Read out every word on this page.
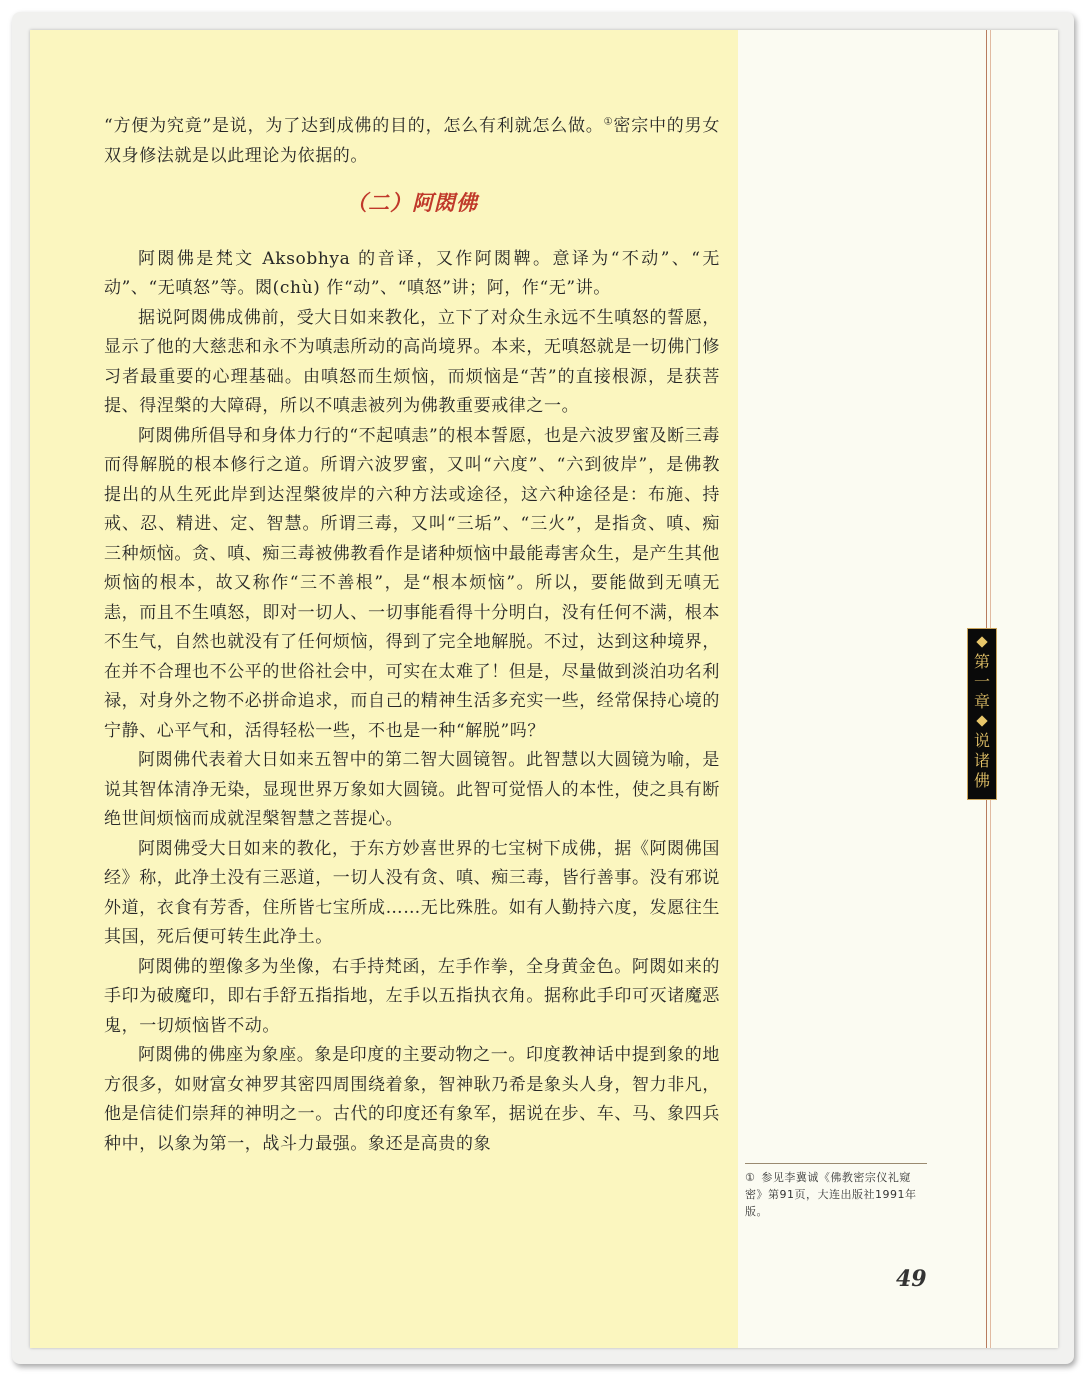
第
一
章
说
诸
佛

“方便为究竟”是说，为了达到成佛的目的，怎么有利就怎么做。①密宗中的男女双身修法就是以此理论为依据的。

（二）阿閦佛

阿閦佛是梵文 Aksobhya 的音译，又作阿閦鞞。意译为“不动”、“无动”、“无嗔怒”等。閦(chù) 作“动”、“嗔怒”讲；阿，作“无”讲。

据说阿閦佛成佛前，受大日如来教化，立下了对众生永远不生嗔怒的誓愿，显示了他的大慈悲和永不为嗔恚所动的高尚境界。本来，无嗔怒就是一切佛门修习者最重要的心理基础。由嗔怒而生烦恼，而烦恼是“苦”的直接根源，是获菩提、得涅槃的大障碍，所以不嗔恚被列为佛教重要戒律之一。

阿閦佛所倡导和身体力行的“不起嗔恚”的根本誓愿，也是六波罗蜜及断三毒而得解脱的根本修行之道。所谓六波罗蜜，又叫“六度”、“六到彼岸”，是佛教提出的从生死此岸到达涅槃彼岸的六种方法或途径，这六种途径是：布施、持戒、忍、精进、定、智慧。所谓三毒，又叫“三垢”、“三火”，是指贪、嗔、痴三种烦恼。贪、嗔、痴三毒被佛教看作是诸种烦恼中最能毒害众生，是产生其他烦恼的根本，故又称作“三不善根”，是“根本烦恼”。所以，要能做到无嗔无恚，而且不生嗔怒，即对一切人、一切事能看得十分明白，没有任何不满，根本不生气，自然也就没有了任何烦恼，得到了完全地解脱。不过，达到这种境界，在并不合理也不公平的世俗社会中，可实在太难了！但是，尽量做到淡泊功名利禄，对身外之物不必拼命追求，而自己的精神生活多充实一些，经常保持心境的宁静、心平气和，活得轻松一些，不也是一种“解脱”吗？

阿閦佛代表着大日如来五智中的第二智大圆镜智。此智慧以大圆镜为喻，是说其智体清净无染，显现世界万象如大圆镜。此智可觉悟人的本性，使之具有断绝世间烦恼而成就涅槃智慧之菩提心。

阿閦佛受大日如来的教化，于东方妙喜世界的七宝树下成佛，据《阿閦佛国经》称，此净土没有三恶道，一切人没有贪、嗔、痴三毒，皆行善事。没有邪说外道，衣食有芳香，住所皆七宝所成……无比殊胜。如有人勤持六度，发愿往生其国，死后便可转生此净土。

阿閦佛的塑像多为坐像，右手持梵函，左手作拳，全身黄金色。阿閦如来的手印为破魔印，即右手舒五指指地，左手以五指执衣角。据称此手印可灭诸魔恶鬼，一切烦恼皆不动。

阿閦佛的佛座为象座。象是印度的主要动物之一。印度教神话中提到象的地方很多，如财富女神罗其密四周围绕着象，智神耿乃希是象头人身，智力非凡，他是信徒们崇拜的神明之一。古代的印度还有象军，据说在步、车、马、象四兵种中，以象为第一，战斗力最强。象还是高贵的象

① 参见李冀诚《佛教密宗仪礼窥密》第91页，大连出版社1991年版。
49
